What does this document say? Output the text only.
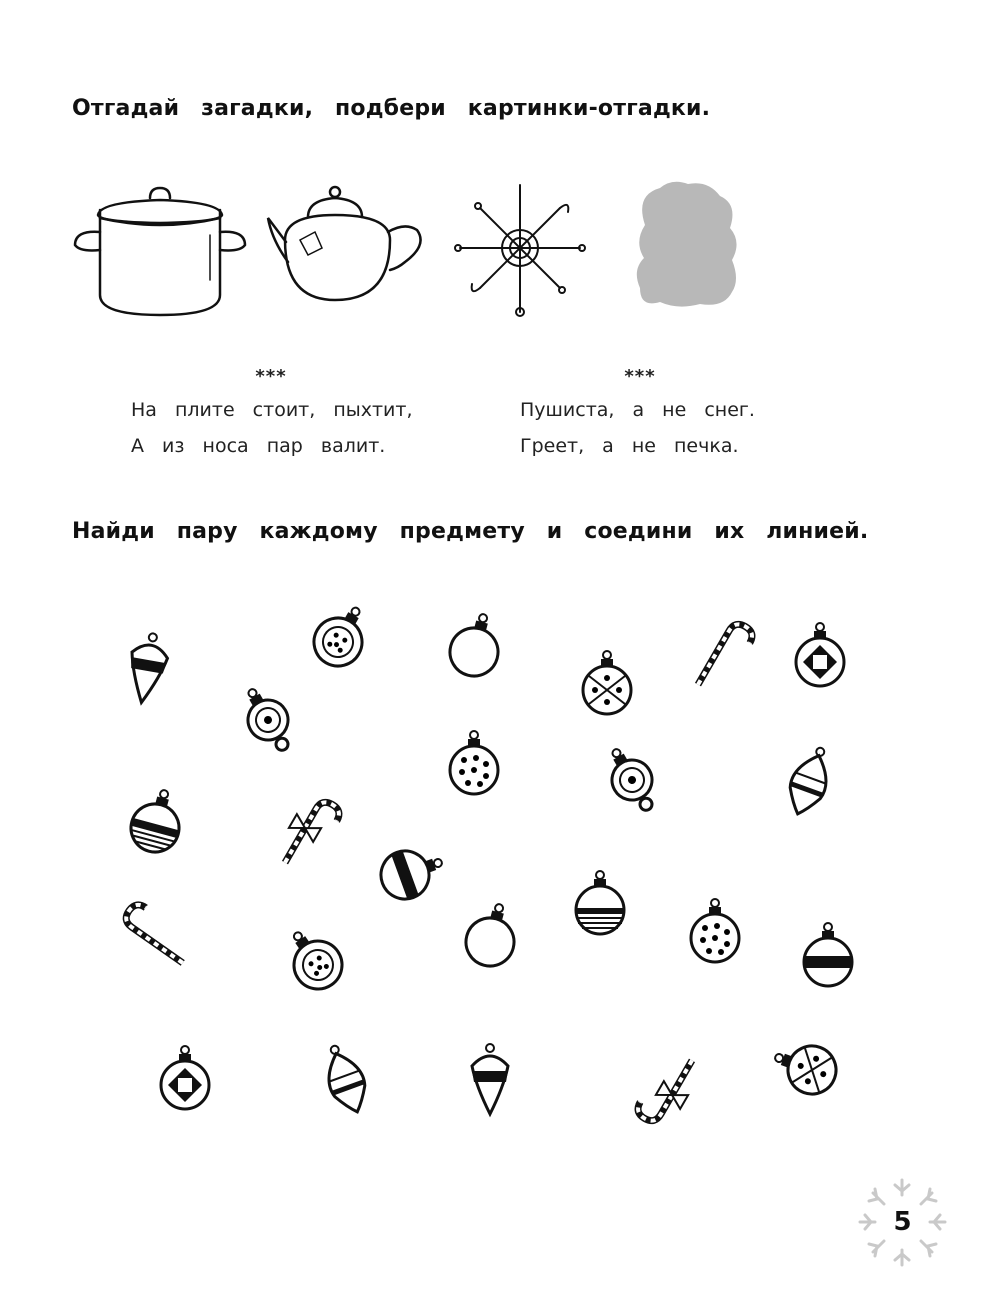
Отгадай загадки, подбери картинки-отгадки.
***
На плите стоит, пыхтит,
А из носа пар валит.
***
Пушиста, а не снег.
Греет, а не печка.
Найди пару каждому предмету и соедини их линией.
5
